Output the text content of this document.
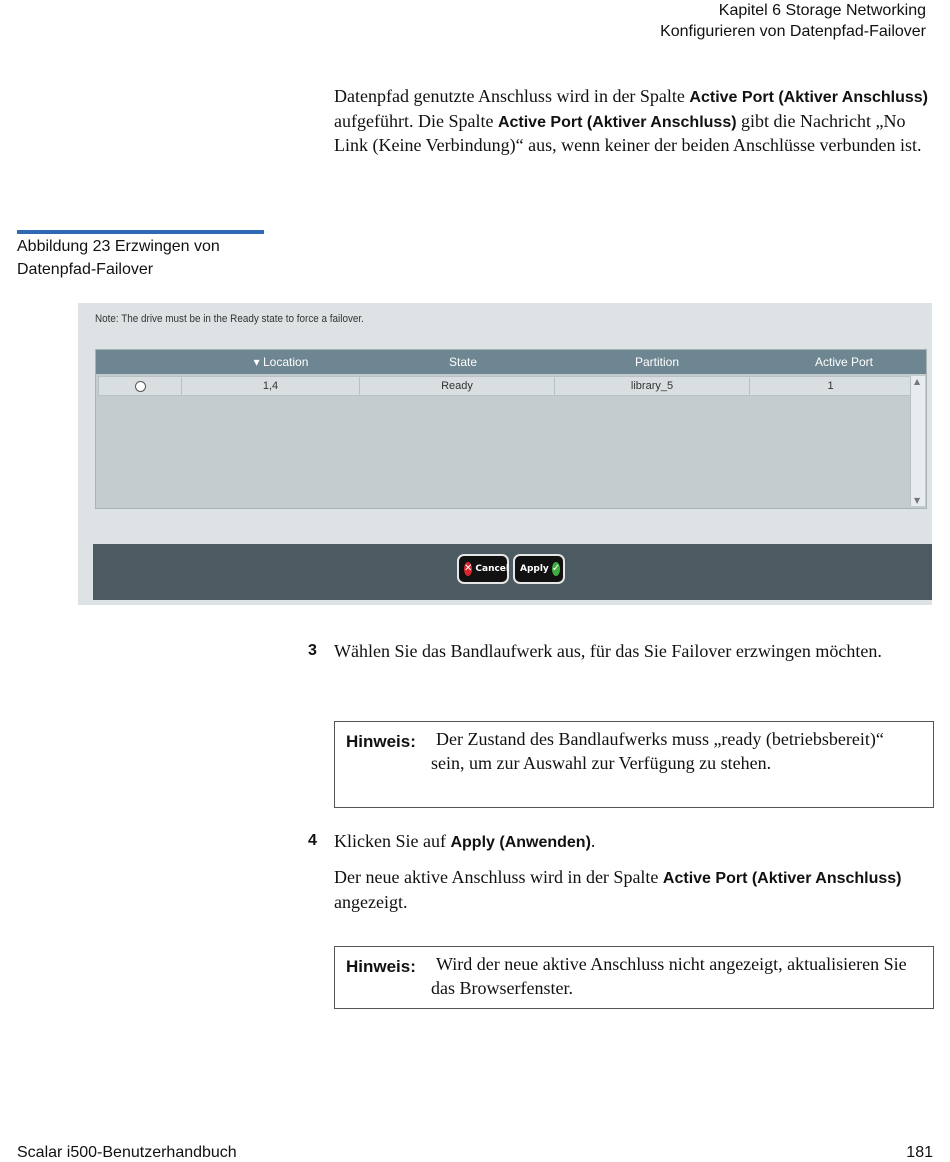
Kapitel 6 Storage Networking
Konfigurieren von Datenpfad-Failover
Datenpfad genutzte Anschluss wird in der Spalte Active Port (Aktiver Anschluss) aufgeführt. Die Spalte Active Port (Aktiver Anschluss) gibt die Nachricht „No Link (Keine Verbindung)“ aus, wenn keiner der beiden Anschlüsse verbunden ist.
Abbildung 23 Erzwingen von Datenpfad-Failover
Note: The drive must be in the Ready state to force a failover.
▾ Location	State	Partition	Active Port
1,4	Ready	library_5	1	▲
▼
✕ Cancel Apply ✓
3 Wählen Sie das Bandlaufwerk aus, für das Sie Failover erzwingen möchten.
Hinweis: Der Zustand des Bandlaufwerks muss „ready (betriebsbereit)“ sein, um zur Auswahl zur Verfügung zu stehen.
4 Klicken Sie auf Apply (Anwenden).
Der neue aktive Anschluss wird in der Spalte Active Port (Aktiver Anschluss) angezeigt.
Hinweis: Wird der neue aktive Anschluss nicht angezeigt, aktualisieren Sie das Browserfenster.
Scalar i500-Benutzerhandbuch	181
